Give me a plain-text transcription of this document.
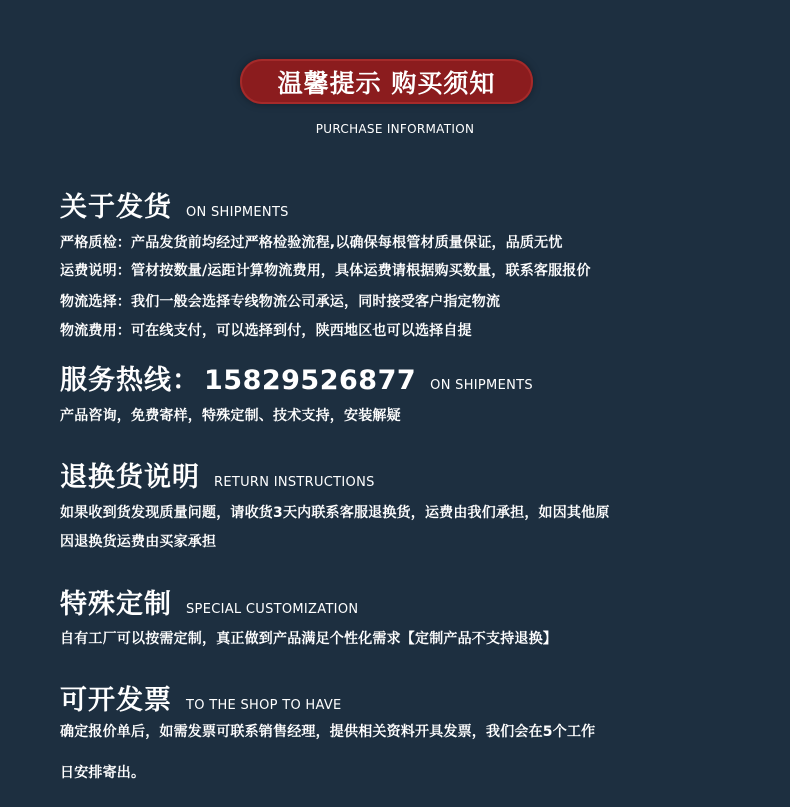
温馨提示 购买须知
PURCHASE INFORMATION
关于发货 ON SHIPMENTS
严格质检：产品发货前均经过严格检验流程,以确保每根管材质量保证，品质无忧
运费说明：管材按数量/运距计算物流费用，具体运费请根据购买数量，联系客服报价
物流选择：我们一般会选择专线物流公司承运，同时接受客户指定物流
物流费用：可在线支付，可以选择到付，陕西地区也可以选择自提
服务热线： 15829526877 ON SHIPMENTS
产品咨询，免费寄样，特殊定制、技术支持，安装解疑
退换货说明 RETURN INSTRUCTIONS
如果收到货发现质量问题，请收货3天内联系客服退换货，运费由我们承担，如因其他原
因退换货运费由买家承担
特殊定制 SPECIAL CUSTOMIZATION
自有工厂可以按需定制，真正做到产品满足个性化需求【定制产品不支持退换】
可开发票 TO THE SHOP TO HAVE
确定报价单后，如需发票可联系销售经理，提供相关资料开具发票，我们会在5个工作
日安排寄出。
